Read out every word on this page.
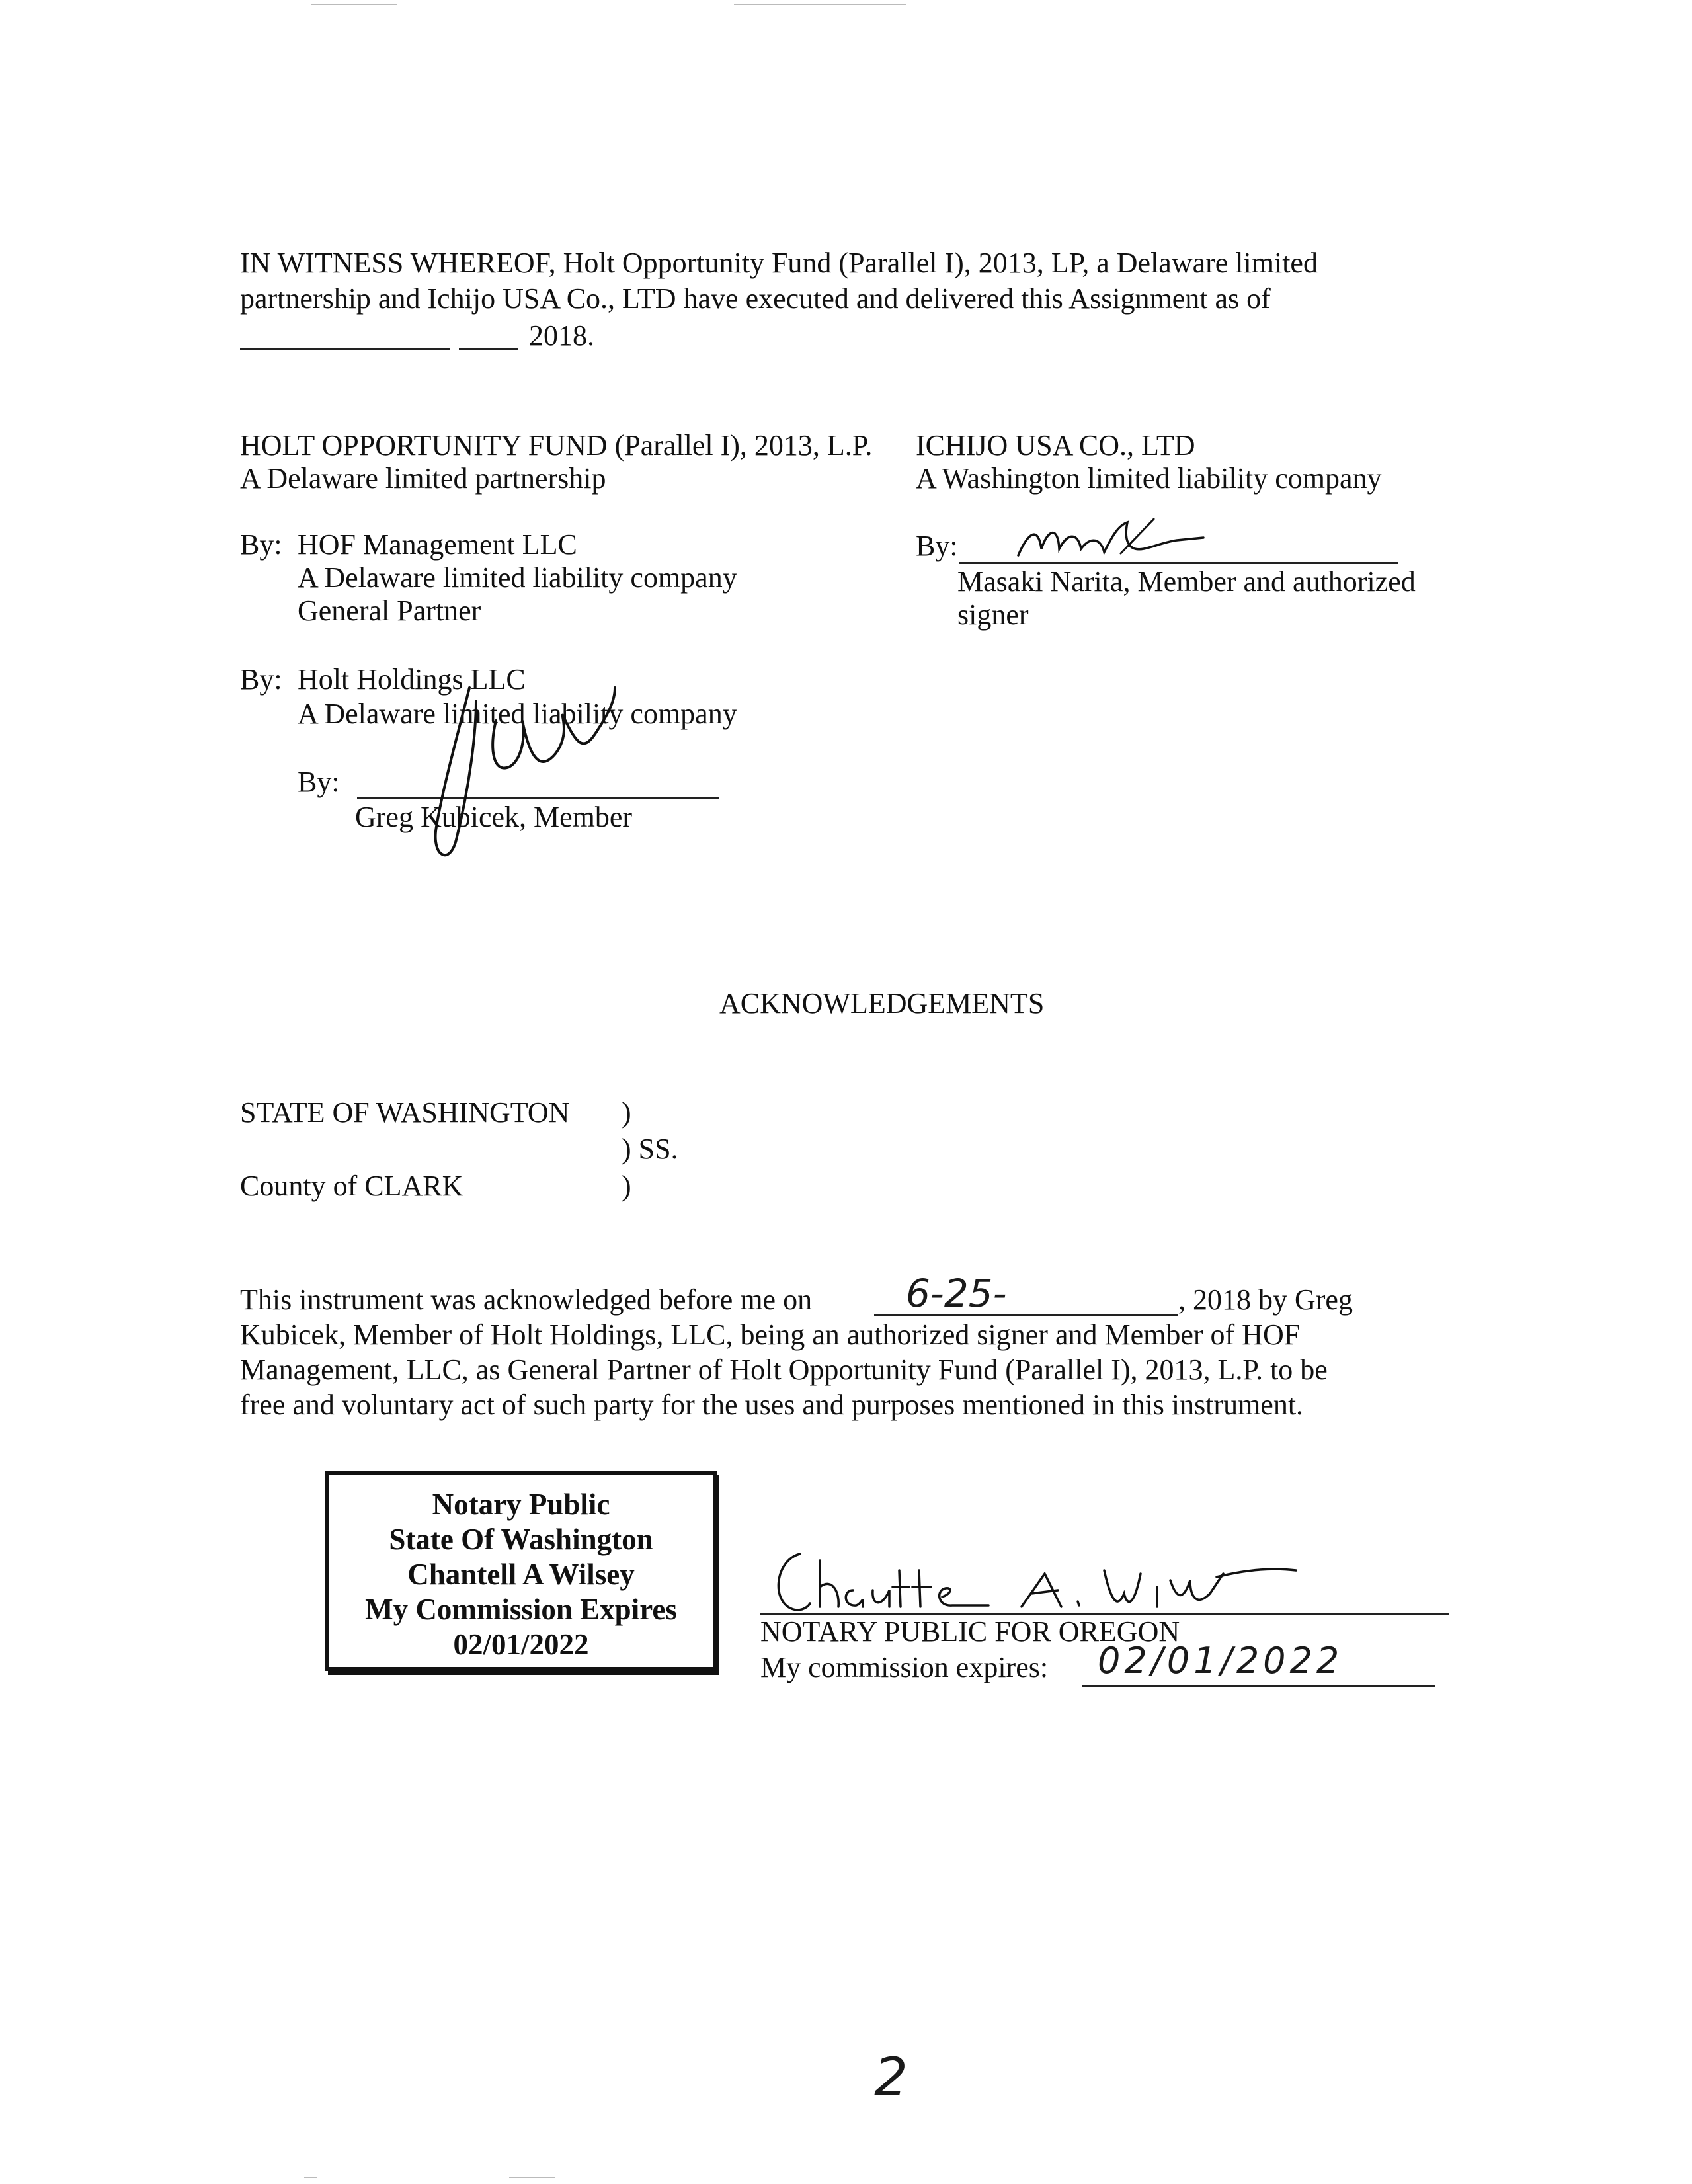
IN WITNESS WHEREOF, Holt Opportunity Fund (Parallel I), 2013, LP, a Delaware limited
partnership and Ichijo USA Co., LTD have executed and delivered this Assignment as of
2018.
HOLT OPPORTUNITY FUND (Parallel I), 2013, L.P.
A Delaware limited partnership
By: HOF Management LLC
A Delaware limited liability company
General Partner
By: Holt Holdings LLC
A Delaware limited liability company
By:
Greg Kubicek, Member
ICHIJO USA CO., LTD
A Washington limited liability company
By:
Masaki Narita, Member and authorized
signer
ACKNOWLEDGEMENTS
STATE OF WASHINGTON )
) SS.
County of CLARK	)
This instrument was acknowledged before me on 6-25-	, 2018 by Greg
Kubicek, Member of Holt Holdings, LLC, being an authorized signer and Member of HOF
Management, LLC, as General Partner of Holt Opportunity Fund (Parallel I), 2013, L.P. to be
free and voluntary act of such party for the uses and purposes mentioned in this instrument.
Notary Public
State Of Washington
Chantell A Wilsey
My Commission Expires
02/01/2022	NOTARY PUBLIC FOR OREGON
My commission expires: 02/01/2022
2
